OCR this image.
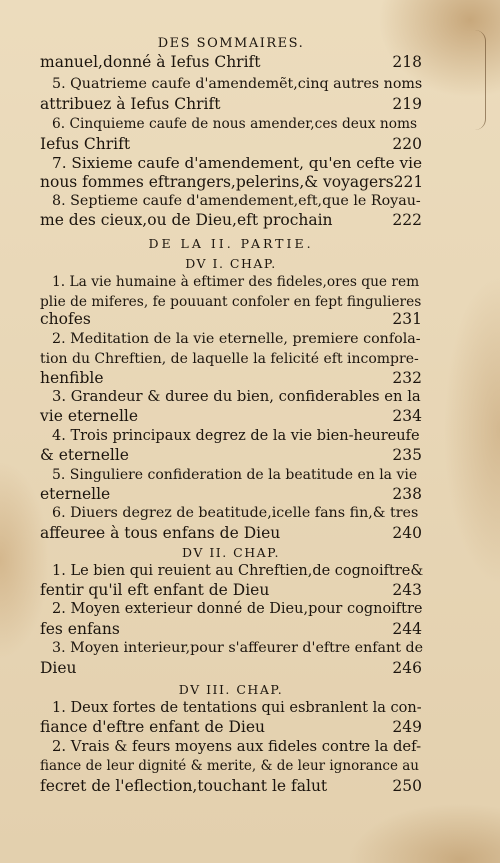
DES SOMMAIRES.
manuel,donné à Iefus Chrift	218
5. Quatrieme caufe d'amendemẽt,cinq autres noms
attribuez à Iefus Chrift	219
6. Cinquieme caufe de nous amender,ces deux noms
Iefus Chrift	220
7. Sixieme caufe d'amendement, qu'en cefte vie
nous fommes eftrangers,pelerins,& voyagers 221
8. Septieme caufe d'amendement,eft,que le Royau-
me des cieux,ou de Dieu,eft prochain	222
DE LA II. PARTIE.
DV I. CHAP.
1. La vie humaine à eftimer des fideles,ores que rem
plie de miferes, fe pouuant confoler en fept fingulieres
chofes	231
2. Meditation de la vie eternelle, premiere confola-
tion du Chreftien, de laquelle la felicité eft incompre-
henfible	232
3. Grandeur & duree du bien, confiderables en la
vie eternelle	234
4. Trois principaux degrez de la vie bien-heureufe
& eternelle	235
5. Singuliere confideration de la beatitude en la vie
eternelle	238
6. Diuers degrez de beatitude,icelle fans fin,& tres
affeuree à tous enfans de Dieu	240
DV II. CHAP.
1. Le bien qui reuient au Chreftien,de cognoiftre&
fentir qu'il eft enfant de Dieu	243
2. Moyen exterieur donné de Dieu,pour cognoiftre
fes enfans	244
3. Moyen interieur,pour s'affeurer d'eftre enfant de
Dieu	246
DV III. CHAP.
1. Deux fortes de tentations qui esbranlent la con-
fiance d'eftre enfant de Dieu	249
2. Vrais & feurs moyens aux fideles contre la def-
fiance de leur dignité & merite, & de leur ignorance au
fecret de l'eflection,touchant le falut	250
